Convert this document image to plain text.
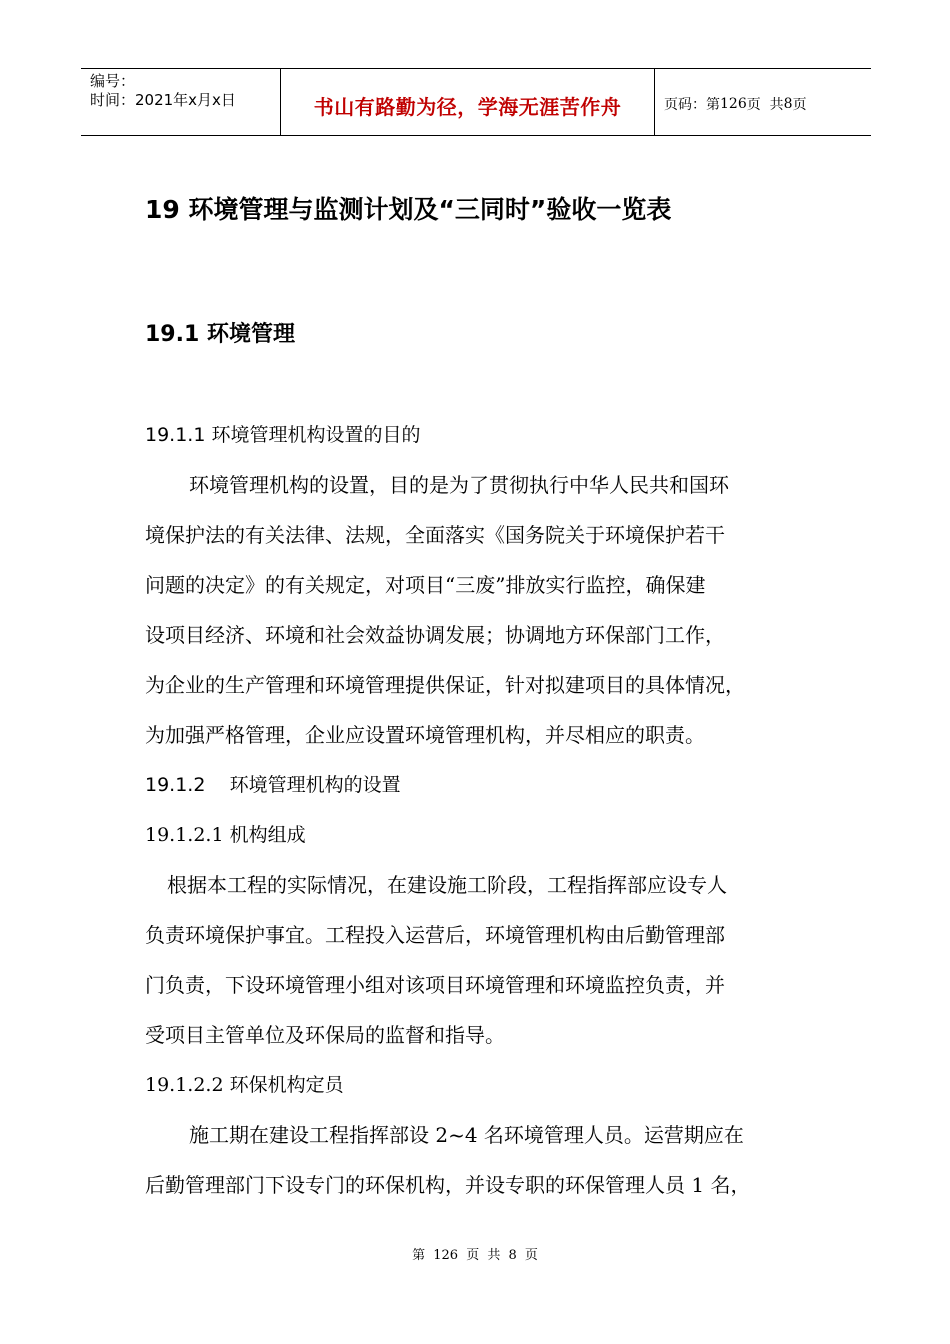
编号：
时间：2021年x月x日	书山有路勤为径，学海无涯苦作舟	页码：第 126 页  共 8 页
19 环境管理与监测计划及“三同时”验收一览表
19.1 环境管理
19.1.1 环境管理机构设置的目的
环境管理机构的设置，目的是为了贯彻执行中华人民共和国环
境保护法的有关法律、法规，全面落实《国务院关于环境保护若干
问题的决定》的有关规定，对项目“三废”排放实行监控，确保建
设项目经济、环境和社会效益协调发展；协调地方环保部门工作，
为企业的生产管理和环境管理提供保证，针对拟建项目的具体情况，
为加强严格管理，企业应设置环境管理机构，并尽相应的职责。
19.1.2    环境管理机构的设置
19.1.2.1 机构组成
根据本工程的实际情况，在建设施工阶段，工程指挥部应设专人
负责环境保护事宜。工程投入运营后，环境管理机构由后勤管理部
门负责，下设环境管理小组对该项目环境管理和环境监控负责，并
受项目主管单位及环保局的监督和指导。
19.1.2.2 环保机构定员
施工期在建设工程指挥部设 2~4 名环境管理人员。运营期应在
后勤管理部门下设专门的环保机构，并设专职的环保管理人员 1 名，
第 126 页 共 8 页
